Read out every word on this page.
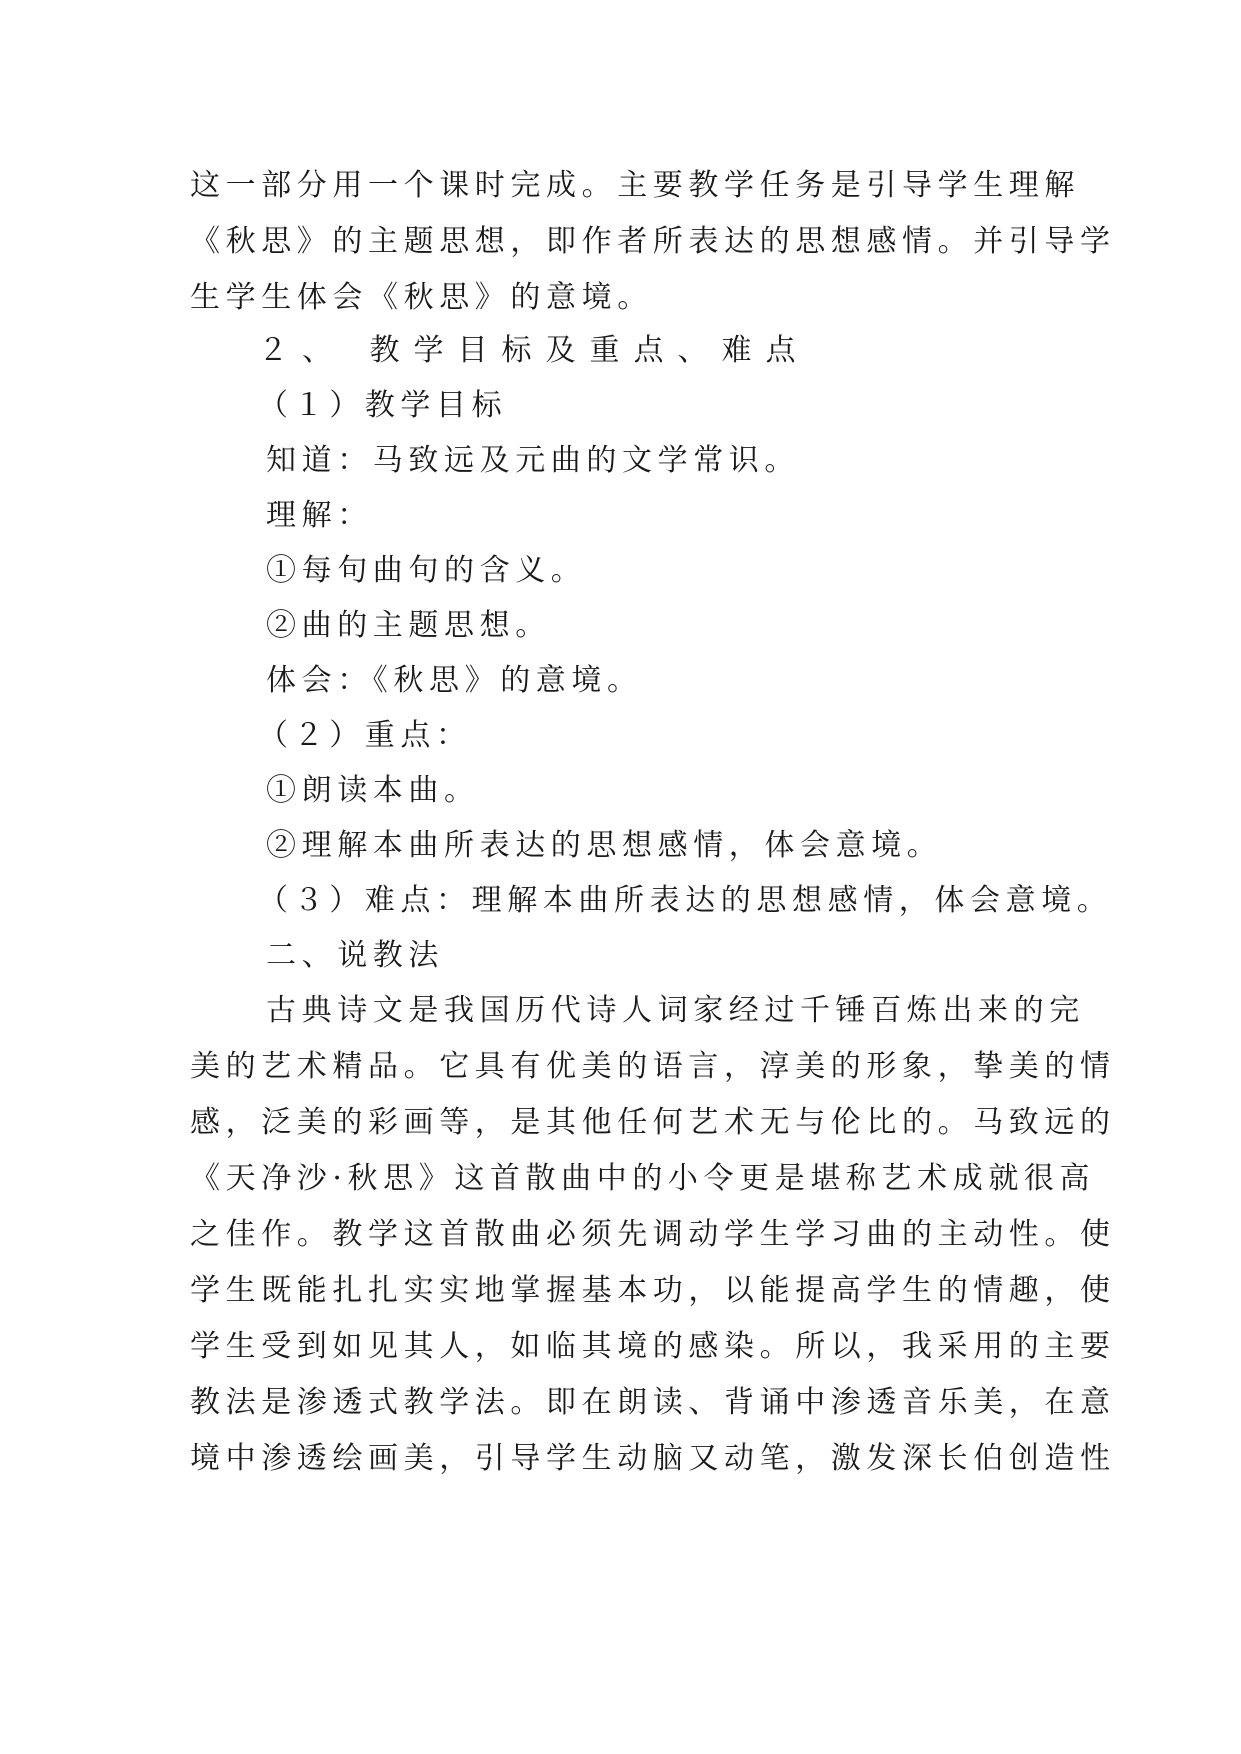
这一部分用一个课时完成。主要教学任务是引导学生理解
《秋思》的主题思想，即作者所表达的思想感情。并引导学
生学生体会《秋思》的意境。
２、 教学目标及重点、难点
（１）教学目标
知道：马致远及元曲的文学常识。
理解：
①每句曲句的含义。
②曲的主题思想。
体会：《秋思》的意境。
（２）重点：
①朗读本曲。
②理解本曲所表达的思想感情，体会意境。
（３）难点：理解本曲所表达的思想感情，体会意境。
二、说教法
古典诗文是我国历代诗人词家经过千锤百炼出来的完
美的艺术精品。它具有优美的语言，淳美的形象，挚美的情
感，泛美的彩画等，是其他任何艺术无与伦比的。马致远的
《天净沙·秋思》这首散曲中的小令更是堪称艺术成就很高
之佳作。教学这首散曲必须先调动学生学习曲的主动性。使
学生既能扎扎实实地掌握基本功，以能提高学生的情趣，使
学生受到如见其人，如临其境的感染。所以，我采用的主要
教法是渗透式教学法。即在朗读、背诵中渗透音乐美，在意
境中渗透绘画美，引导学生动脑又动笔，激发深长伯创造性
